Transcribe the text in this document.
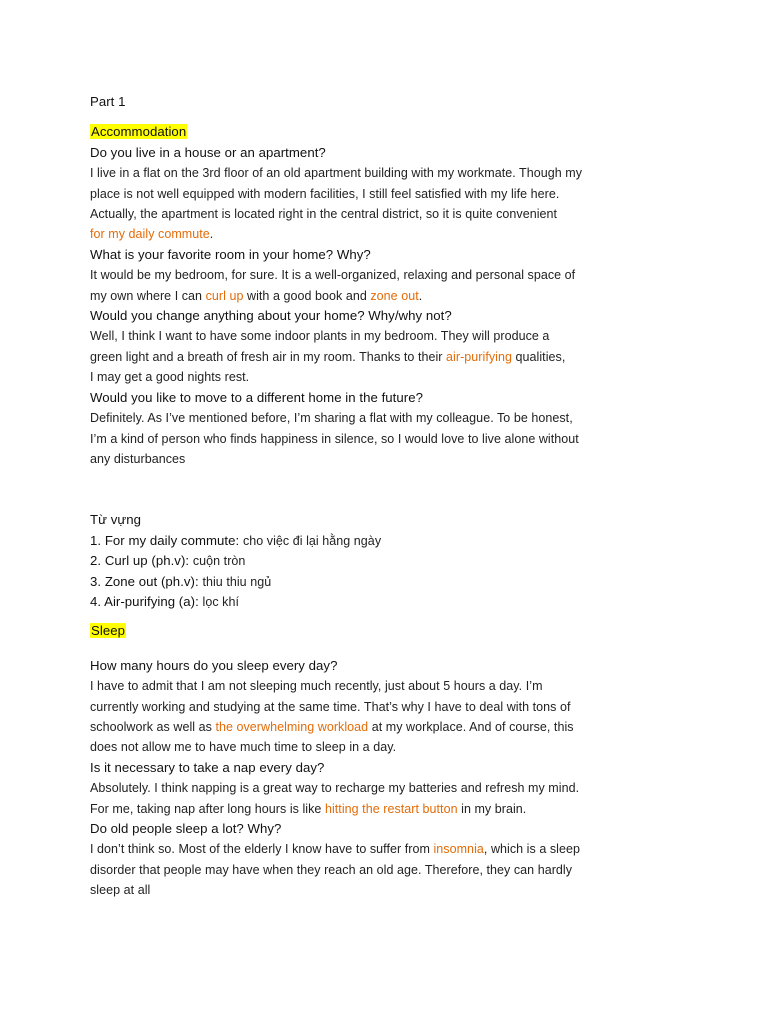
Part 1
Accommodation
Do you live in a house or an apartment?
I live in a flat on the 3rd floor of an old apartment building with my workmate. Though my
place is not well equipped with modern facilities, I still feel satisfied with my life here.
Actually, the apartment is located right in the central district, so it is quite convenient
for my daily commute.
What is your favorite room in your home? Why?
It would be my bedroom, for sure. It is a well-organized, relaxing and personal space of
my own where I can curl up with a good book and zone out.
Would you change anything about your home? Why/why not?
Well, I think I want to have some indoor plants in my bedroom. They will produce a
green light and a breath of fresh air in my room. Thanks to their air-purifying qualities,
I may get a good nights rest.
Would you like to move to a different home in the future?
Definitely. As I’ve mentioned before, I’m sharing a flat with my colleague. To be honest,
I’m a kind of person who finds happiness in silence, so I would love to live alone without
any disturbances
Từ vựng
1. For my daily commute: cho việc đi lại hằng ngày
2. Curl up (ph.v): cuộn tròn
3. Zone out (ph.v): thiu thiu ngủ
4. Air-purifying (a): lọc khí
Sleep
How many hours do you sleep every day?
I have to admit that I am not sleeping much recently, just about 5 hours a day. I’m
currently working and studying at the same time. That’s why I have to deal with tons of
schoolwork as well as the overwhelming workload at my workplace. And of course, this
does not allow me to have much time to sleep in a day.
Is it necessary to take a nap every day?
Absolutely. I think napping is a great way to recharge my batteries and refresh my mind.
For me, taking nap after long hours is like hitting the restart button in my brain.
Do old people sleep a lot? Why?
I don’t think so. Most of the elderly I know have to suffer from insomnia, which is a sleep
disorder that people may have when they reach an old age. Therefore, they can hardly
sleep at all
